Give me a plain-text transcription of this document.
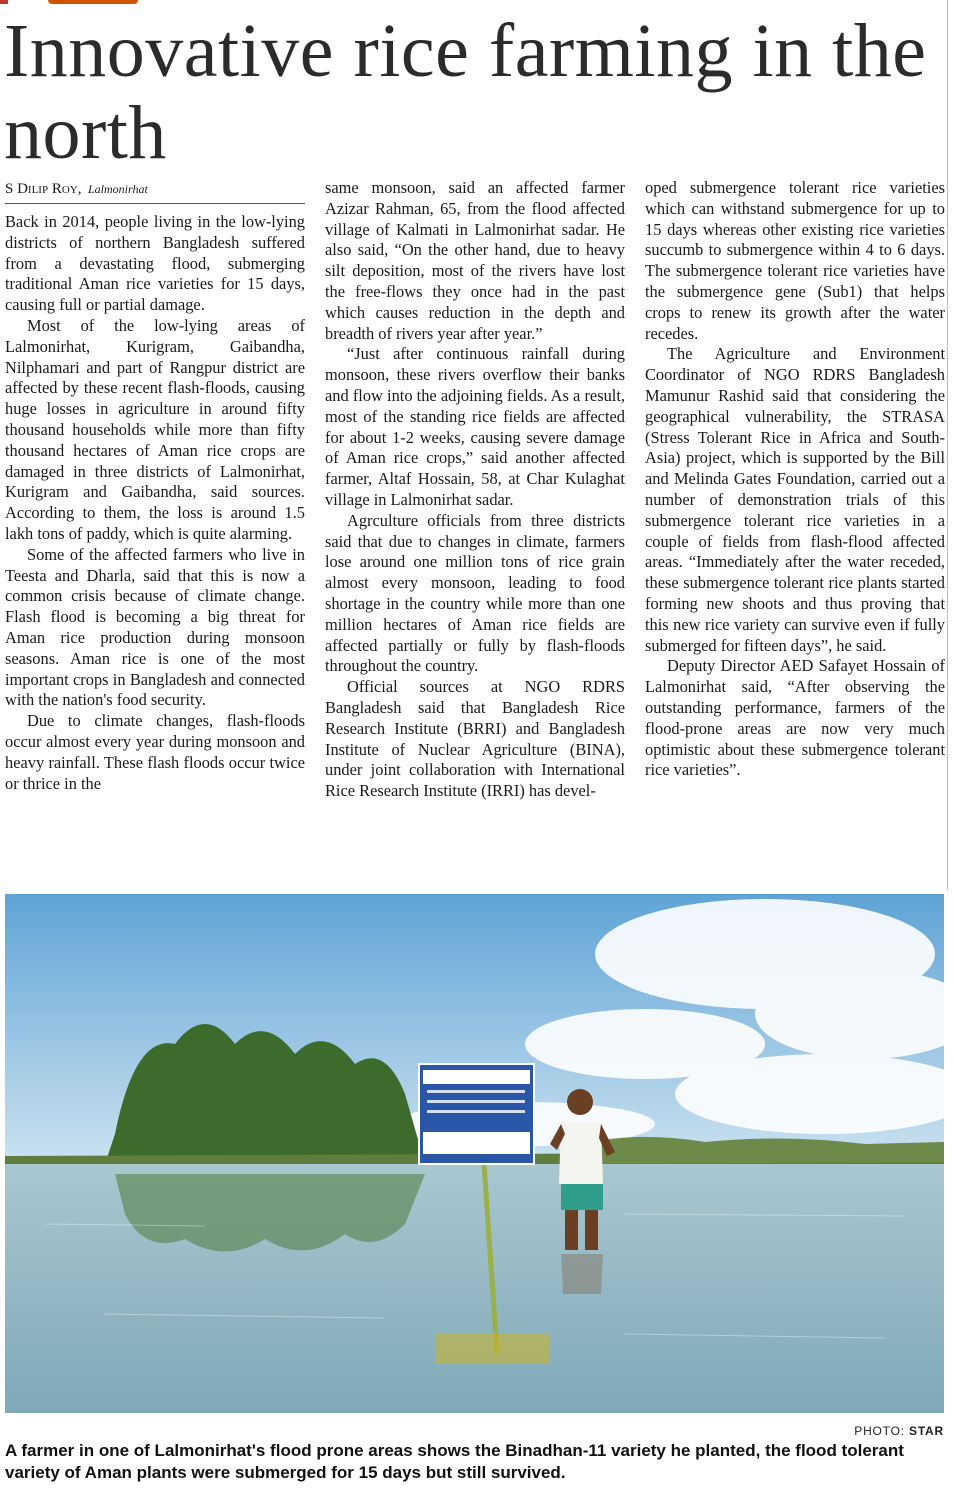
Innovative rice farming in the north
S Dilip Roy, Lalmonirhat

Back in 2014, people living in the low-lying districts of northern Bangladesh suffered from a devastating flood, submerging traditional Aman rice varieties for 15 days, causing full or partial damage.

Most of the low-lying areas of Lalmonirhat, Kurigram, Gaibandha, Nilphamari and part of Rangpur district are affected by these recent flash-floods, causing huge losses in agriculture in around fifty thousand households while more than fifty thousand hectares of Aman rice crops are damaged in three districts of Lalmonirhat, Kurigram and Gaibandha, said sources. According to them, the loss is around 1.5 lakh tons of paddy, which is quite alarming.

Some of the affected farmers who live in Teesta and Dharla, said that this is now a common crisis because of climate change. Flash flood is becoming a big threat for Aman rice production during monsoon seasons. Aman rice is one of the most important crops in Bangladesh and connected with the nation's food security.

Due to climate changes, flash-floods occur almost every year during monsoon and heavy rainfall. These flash floods occur twice or thrice in the

same monsoon, said an affected farmer Azizar Rahman, 65, from the flood affected village of Kalmati in Lalmonirhat sadar. He also said, “On the other hand, due to heavy silt deposition, most of the rivers have lost the free-flows they once had in the past which causes reduction in the depth and breadth of rivers year after year.”

“Just after continuous rainfall during monsoon, these rivers overflow their banks and flow into the adjoining fields. As a result, most of the standing rice fields are affected for about 1-2 weeks, causing severe damage of Aman rice crops,” said another affected farmer, Altaf Hossain, 58, at Char Kulaghat village in Lalmonirhat sadar.

Agrculture officials from three districts said that due to changes in climate, farmers lose around one million tons of rice grain almost every monsoon, leading to food shortage in the country while more than one million hectares of Aman rice fields are affected partially or fully by flash-floods throughout the country.

Official sources at NGO RDRS Bangladesh said that Bangladesh Rice Research Institute (BRRI) and Bangladesh Institute of Nuclear Agriculture (BINA), under joint collaboration with International Rice Research Institute (IRRI) has devel-

oped submergence tolerant rice varieties which can withstand submergence for up to 15 days whereas other existing rice varieties succumb to submergence within 4 to 6 days. The submergence tolerant rice varieties have the submergence gene (Sub1) that helps crops to renew its growth after the water recedes.

The Agriculture and Environment Coordinator of NGO RDRS Bangladesh Mamunur Rashid said that considering the geographical vulnerability, the STRASA (Stress Tolerant Rice in Africa and South-Asia) project, which is supported by the Bill and Melinda Gates Foundation, carried out a number of demonstration trials of this submergence tolerant rice varieties in a couple of fields from flash-flood affected areas. “Immediately after the water receded, these submergence tolerant rice plants started forming new shoots and thus proving that this new rice variety can survive even if fully submerged for fifteen days”, he said.

Deputy Director AED Safayet Hossain of Lalmonirhat said, “After observing the outstanding performance, farmers of the flood-prone areas are now very much optimistic about these submergence tolerant rice varieties”.

PHOTO: STAR
A farmer in one of Lalmonirhat's flood prone areas shows the Binadhan-11 variety he planted, the flood tolerant variety of Aman plants were submerged for 15 days but still survived.
